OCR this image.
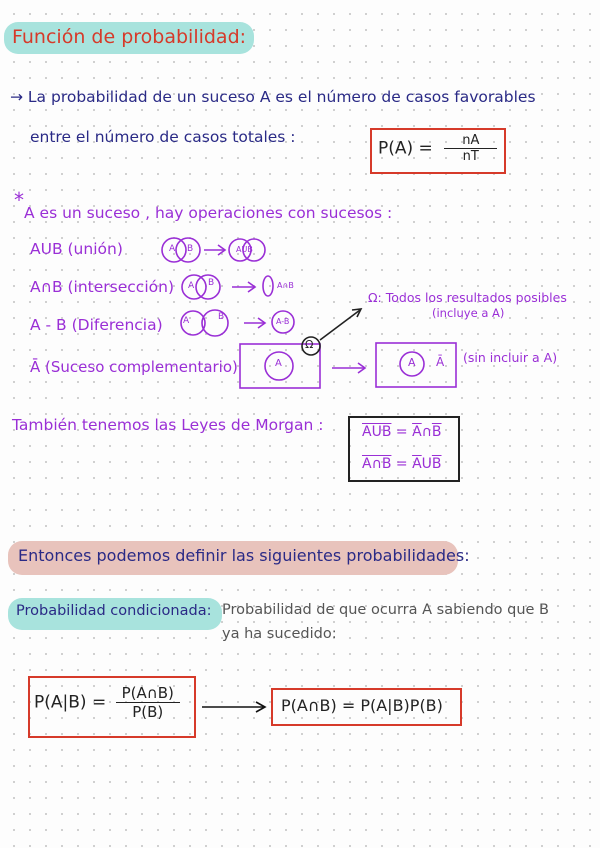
Función de probabilidad:
→ La probabilidad de un suceso A es el número de casos favorables
entre el número de casos totales :
$P(A) = \frac{nA}{nT}$
*
A es un suceso , hay operaciones con sucesos :
AUB (unión)
A∩B (intersección)
A - B (Diferencia)
Ā (Suceso complementario)
A B	AUB
A B	A∩B
A	B	A-B
A
Ω
Ω: Todos los resultados posibles
(incluye a A)
A Ā (sin incluir a A)
También tenemos las Leyes de Morgan :	$\overline{AUB}$ = $\overline{A}\cap\overline{B}$
A∩B = $\overline{A}U\overline{B}$
Entonces podemos definir las siguientes probabilidades:
Probabilidad condicionada: Probabilidad de que ocurra A sabiendo que B
ya ha sucedido:
$P(A|B) = \frac{P(A\cap B)}{P(B)}$	P(A∩B) = P(A|B)P(B)
